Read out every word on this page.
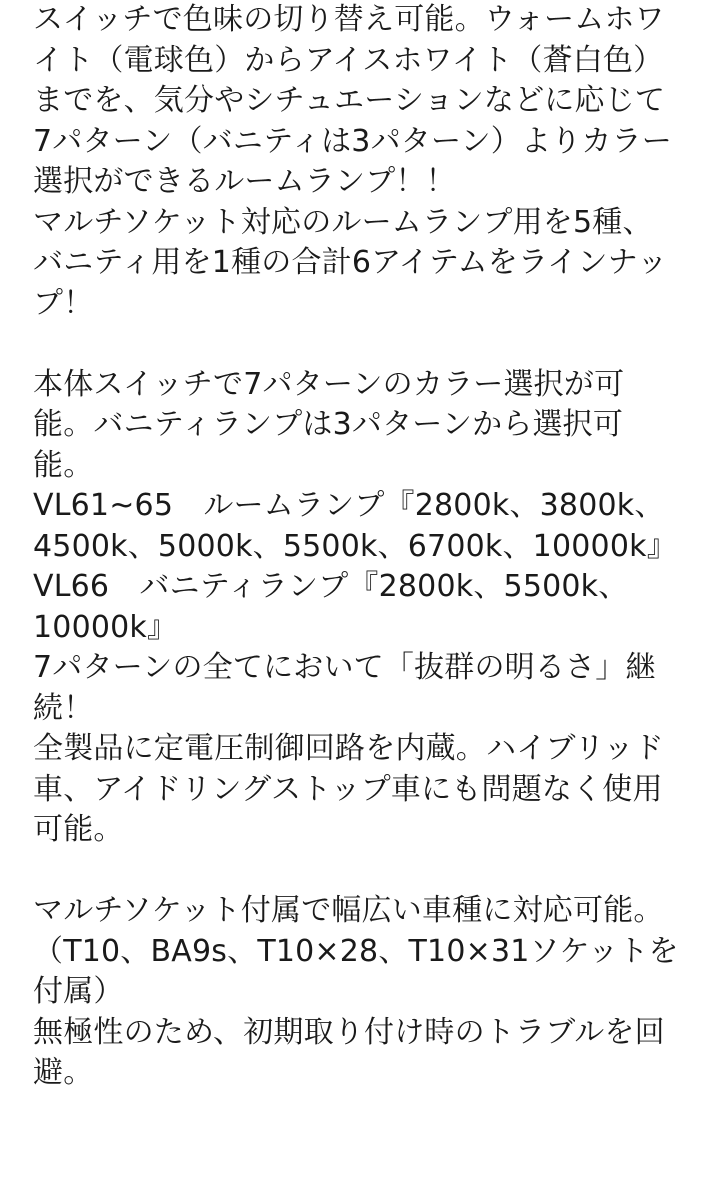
スイッチで色味の切り替え可能。ウォームホワ
イト（電球色）からアイスホワイト（蒼白色）
までを、気分やシチュエーションなどに応じて
7パターン（バニティは3パターン）よりカラー
選択ができるルームランプ！！
マルチソケット対応のルームランプ用を5種、
バニティ用を1種の合計6アイテムをラインナッ
プ！
本体スイッチで7パターンのカラー選択が可
能。バニティランプは3パターンから選択可
能。
VL61~65　ルームランプ『2800k、3800k、
4500k、5000k、5500k、6700k、10000k』
VL66　バニティランプ『2800k、5500k、
10000k』
7パターンの全てにおいて「抜群の明るさ」継
続！
全製品に定電圧制御回路を内蔵。ハイブリッド
車、アイドリングストップ車にも問題なく使用
可能。
マルチソケット付属で幅広い車種に対応可能。
（T10、BA9s、T10×28、T10×31ソケットを
付属）
無極性のため、初期取り付け時のトラブルを回
避。
